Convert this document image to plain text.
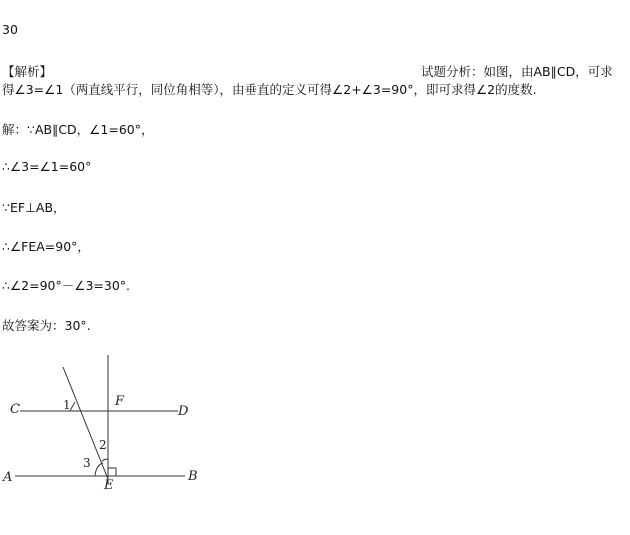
30
【解析】	试题分析：如图，由AB∥CD，可求
得∠3=∠1（两直线平行，同位角相等），由垂直的定义可得∠2+∠3=90°，即可求得∠2的度数.
解：∵AB∥CD，∠1=60°，
∴∠3=∠1=60°
∵EF⊥AB，
∴∠FEA=90°，
∴∠2=90°－∠3=30°.
故答案为：30°.
C	D
A	B
E
F
1
2
3
